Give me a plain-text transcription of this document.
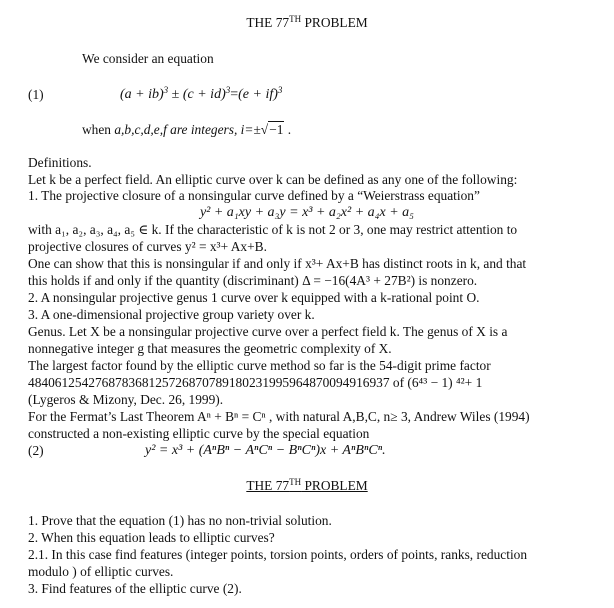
THE 77TH PROBLEM
We consider an equation
(1)	(a + ib)$^3$ ± (c + id)$^3$=(e + if)$^3$
when a,b,c,d,e,f are integers, i=±√−1 .
Definitions.
Let k be a perfect field. An elliptic curve over k can be defined as any one of the following:
1. The projective closure of a nonsingular curve defined by a “Weierstrass equation”
y² + a₁xy + a₃y = x³ + a₂x² + a₄x + a₅
with a₁, a₂, a₃, a₄, a₅ ∈ k. If the characteristic of k is not 2 or 3, one may restrict attention to
projective closures of curves y² = x³+ Ax+B.
One can show that this is nonsingular if and only if x³+ Ax+B has distinct roots in k, and that
this holds if and only if the quantity (discriminant) Δ = −16(4A³ + 27B²) is nonzero.
2. A nonsingular projective genus 1 curve over k equipped with a k-rational point O.
3. A one-dimensional projective group variety over k.
Genus. Let X be a nonsingular projective curve over a perfect field k. The genus of X is a
nonnegative integer g that measures the geometric complexity of X.
The largest factor found by the elliptic curve method so far is the 54-digit prime factor
484061254276878368125726870789180231995964870094916937 of (6⁴³ − 1) ⁴²+ 1
(Lygeros & Mizony, Dec. 26, 1999).
For the Fermat’s Last Theorem Aⁿ + Bⁿ = Cⁿ , with natural A,B,C, n≥ 3, Andrew Wiles (1994)
constructed a non-existing elliptic curve by the special equation
(2)	y² = x³ + (AⁿBⁿ − AⁿCⁿ − BⁿCⁿ)x + AⁿBⁿCⁿ.
THE 77TH PROBLEM
1. Prove that the equation (1) has no non-trivial solution.
2. When this equation leads to elliptic curves?
2.1. In this case find features (integer points, torsion points, orders of points, ranks, reduction
modulo ) of elliptic curves.
3. Find features of the elliptic curve (2).
